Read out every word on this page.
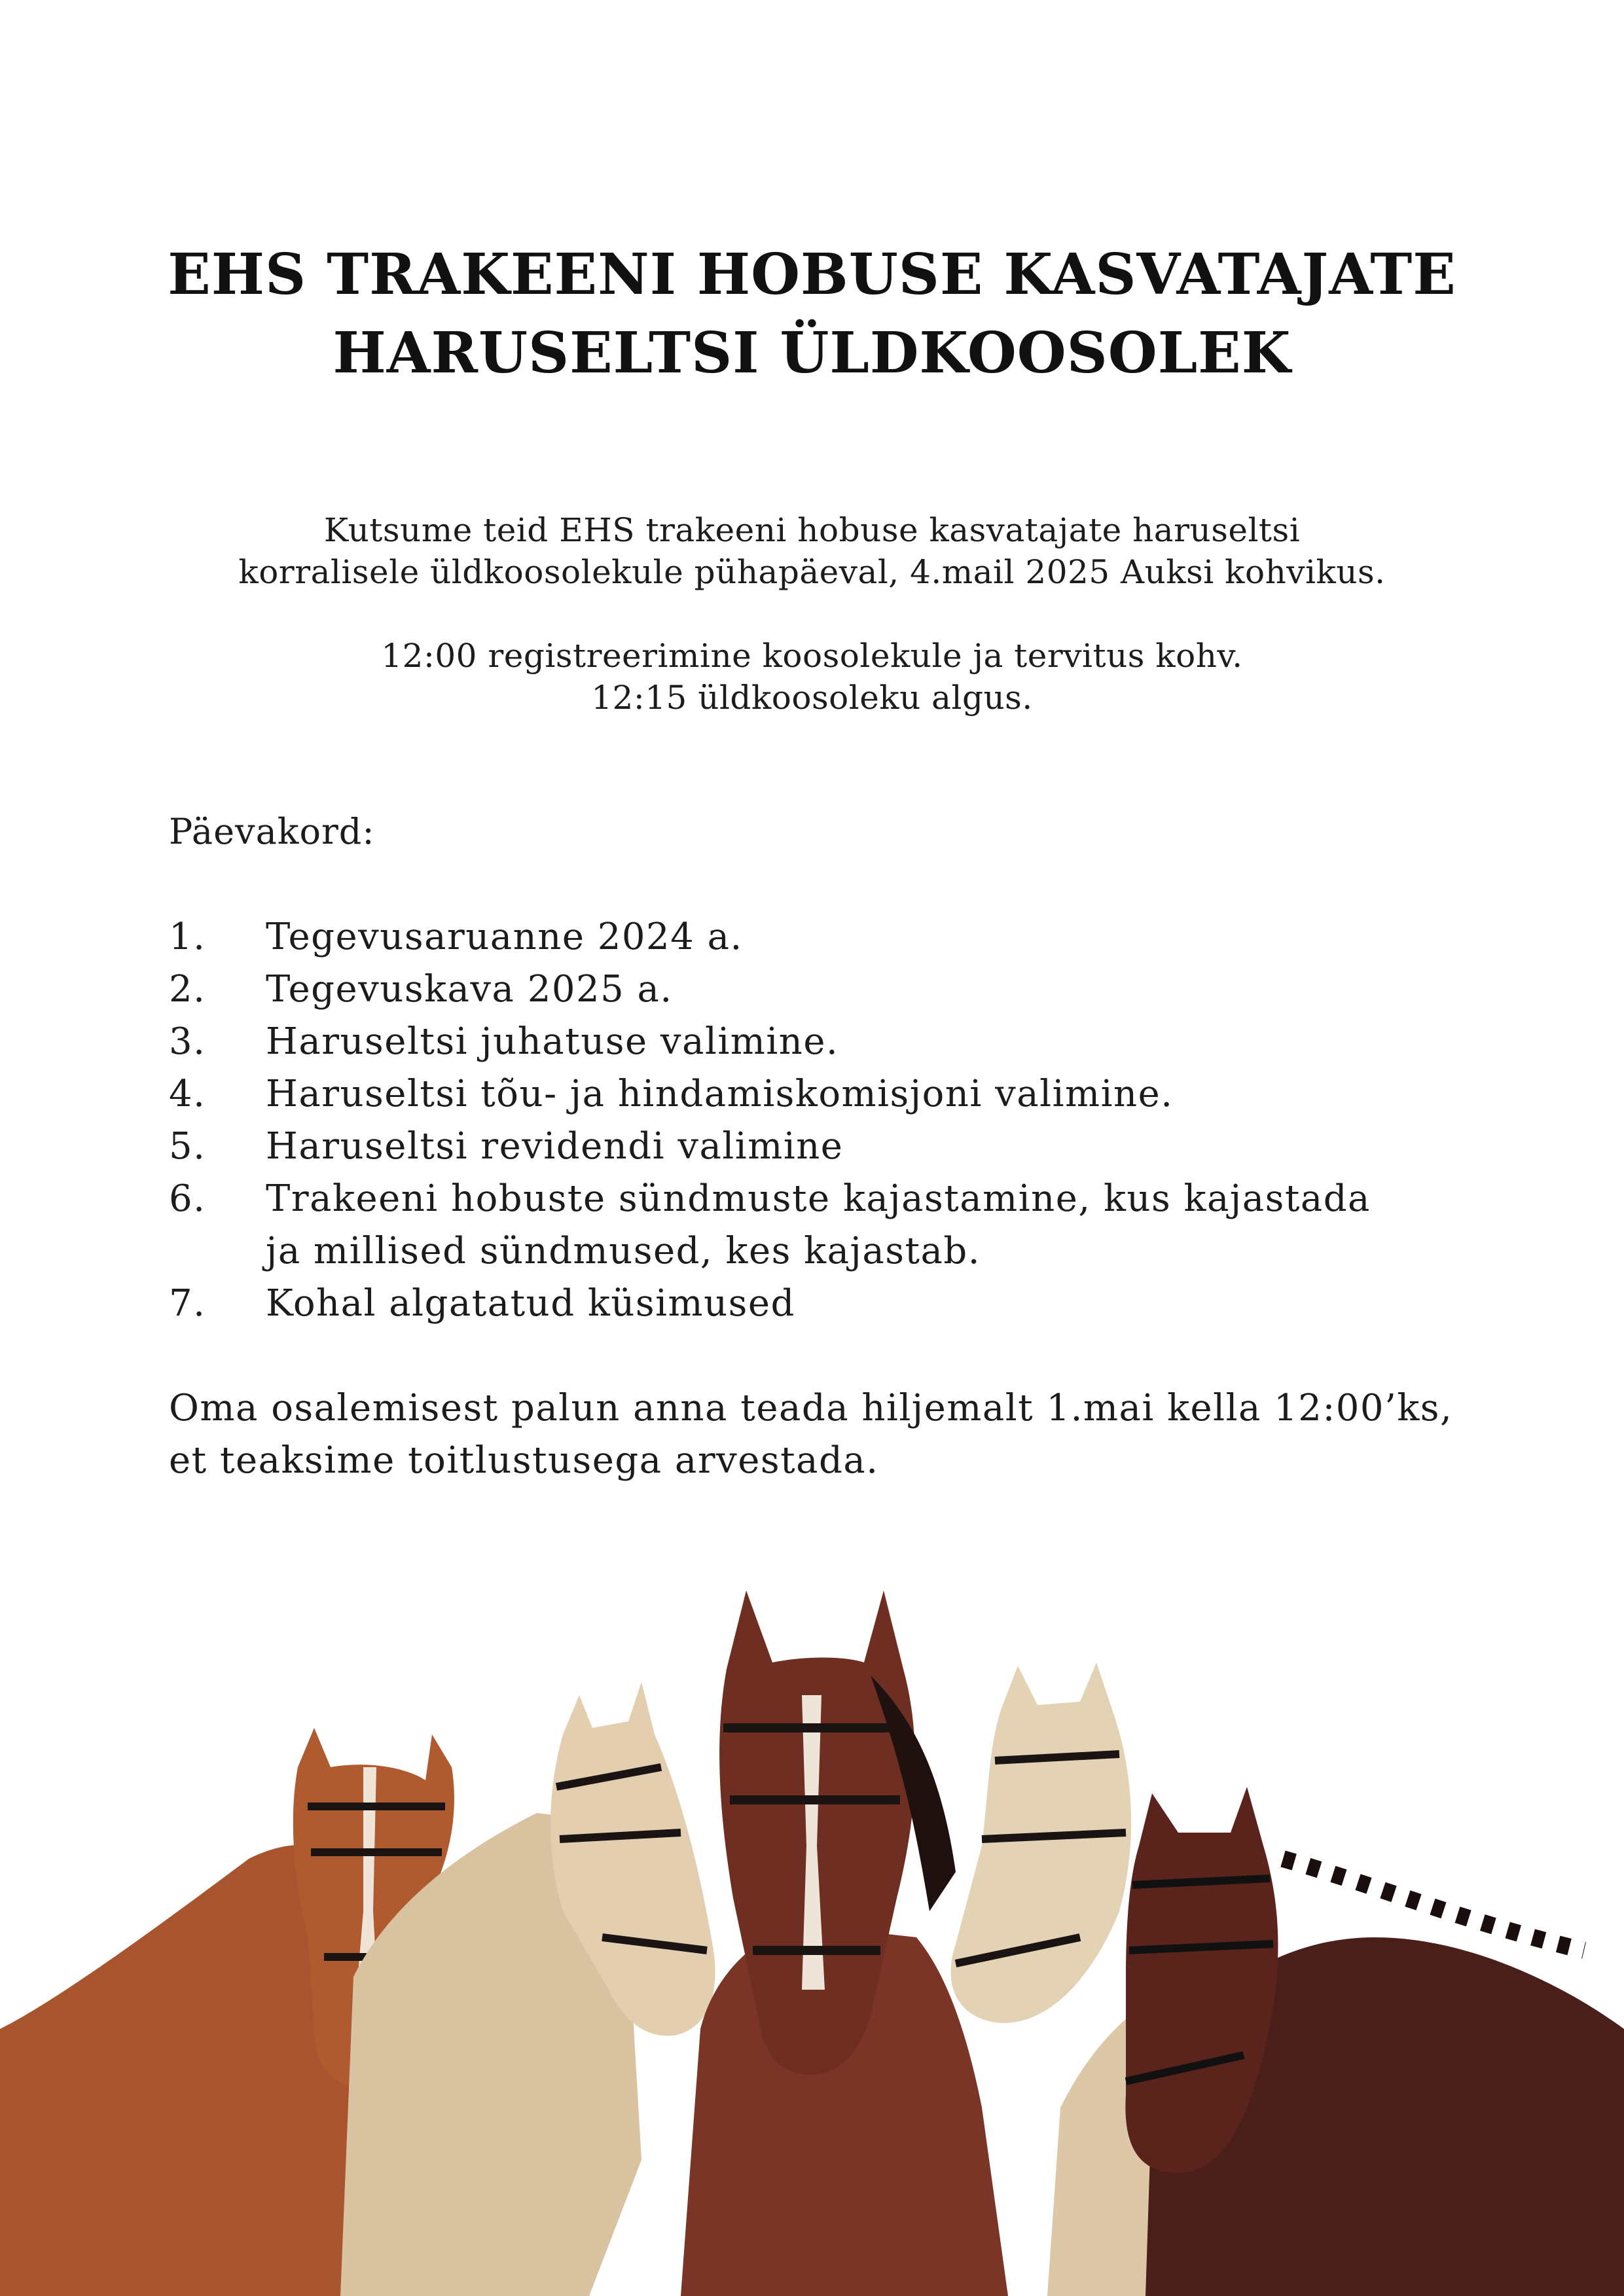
EHS TRAKEENI HOBUSE KASVATAJATE
HARUSELTSI ÜLDKOOSOLEK
Kutsume teid EHS trakeeni hobuse kasvatajate haruseltsi
korralisele üldkoosolekule pühapäeval, 4.mail 2025 Auksi kohvikus.
12:00 registreerimine koosolekule ja tervitus kohv.
12:15 üldkoosoleku algus.
Päevakord:
1.	Tegevusaruanne 2024 a.
2.	Tegevuskava 2025 a.
3.	Haruseltsi juhatuse valimine.
4.	Haruseltsi tõu- ja hindamiskomisjoni valimine.
5.	Haruseltsi revidendi valimine
6.	Trakeeni hobuste sündmuste kajastamine, kus kajastada
ja millised sündmused, kes kajastab.
7.	Kohal algatatud küsimused
Oma osalemisest palun anna teada hiljemalt 1.mai kella 12:00’ks,
et teaksime toitlustusega arvestada.
